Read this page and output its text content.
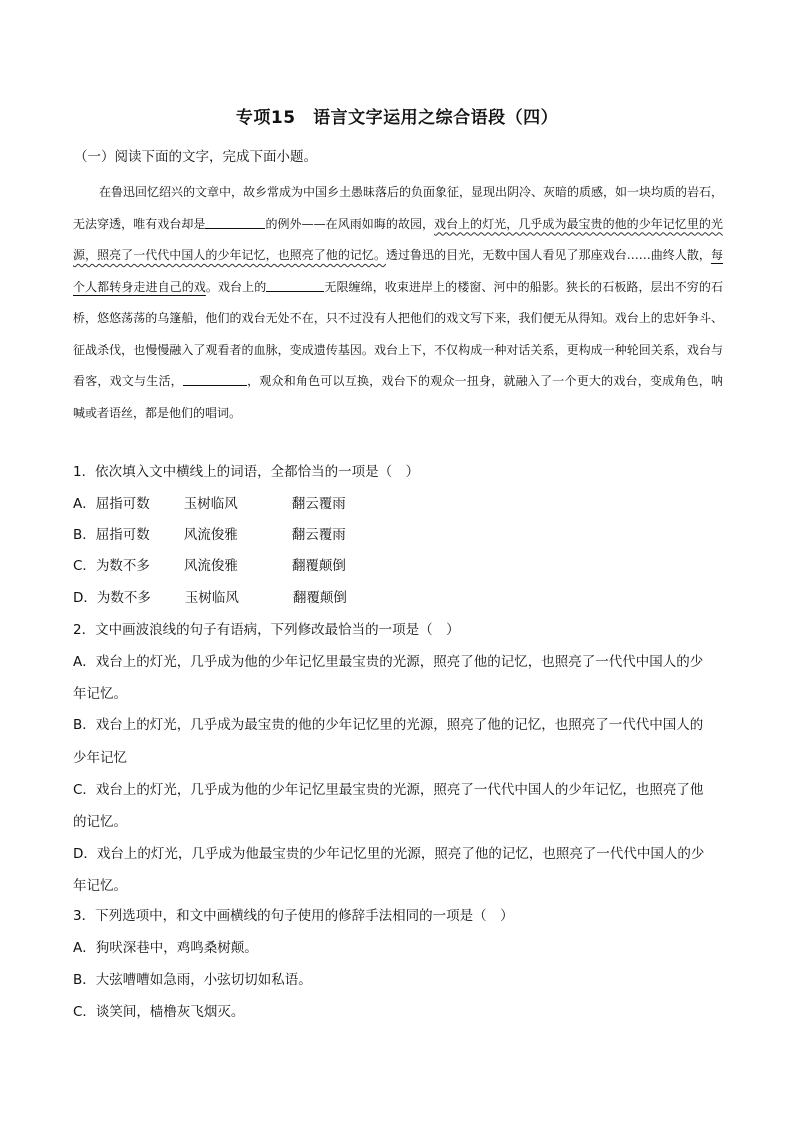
专项15　语言文字运用之综合语段（四）
（一）阅读下面的文字，完成下面小题。

在鲁迅回忆绍兴的文章中，故乡常成为中国乡土愚昧落后的负面象征，显现出阴冷、灰暗的质感，如一块均质的岩石，无法穿透，唯有戏台却是	的例外——在风雨如晦的故园，戏台上的灯光，几乎成为最宝贵的他的少年记忆里的光源，照亮了一代代中国人的少年记忆，也照亮了他的记忆。透过鲁迅的目光，无数中国人看见了那座戏台……曲终人散，每个人都转身走进自己的戏。戏台上的	无限缠绵，收束进岸上的楼窗、河中的船影。狭长的石板路，层出不穷的石桥，悠悠荡荡的乌篷船，他们的戏台无处不在，只不过没有人把他们的戏文写下来，我们便无从得知。戏台上的忠奸争斗、征战杀伐，也慢慢融入了观看者的血脉，变成遗传基因。戏台上下，不仅构成一种对话关系，更构成一种轮回关系，戏台与看客，戏文与生活，	，观众和角色可以互换，戏台下的观众一扭身，就融入了一个更大的戏台，变成角色，呐喊或者语丝，都是他们的唱词。

1．依次填入文中横线上的词语，全都恰当的一项是（　）
A．屈指可数	玉树临风	翻云覆雨
B．屈指可数	风流俊雅	翻云覆雨
C．为数不多	风流俊雅	翻覆颠倒
D．为数不多	玉树临风	翻覆颠倒
2．文中画波浪线的句子有语病，下列修改最恰当的一项是（　）
A．戏台上的灯光，几乎成为他的少年记忆里最宝贵的光源，照亮了他的记忆，也照亮了一代代中国人的少
年记忆。
B．戏台上的灯光，几乎成为最宝贵的他的少年记忆里的光源，照亮了他的记忆，也照亮了一代代中国人的
少年记忆
C．戏台上的灯光，几乎成为他的少年记忆里最宝贵的光源，照亮了一代代中国人的少年记忆，也照亮了他
的记忆。
D．戏台上的灯光，几乎成为他最宝贵的少年记忆里的光源，照亮了他的记忆，也照亮了一代代中国人的少
年记忆。
3．下列选项中，和文中画横线的句子使用的修辞手法相同的一项是（　）
A．狗吠深巷中，鸡鸣桑树颠。
B．大弦嘈嘈如急雨，小弦切切如私语。
C．谈笑间，樯橹灰飞烟灭。
